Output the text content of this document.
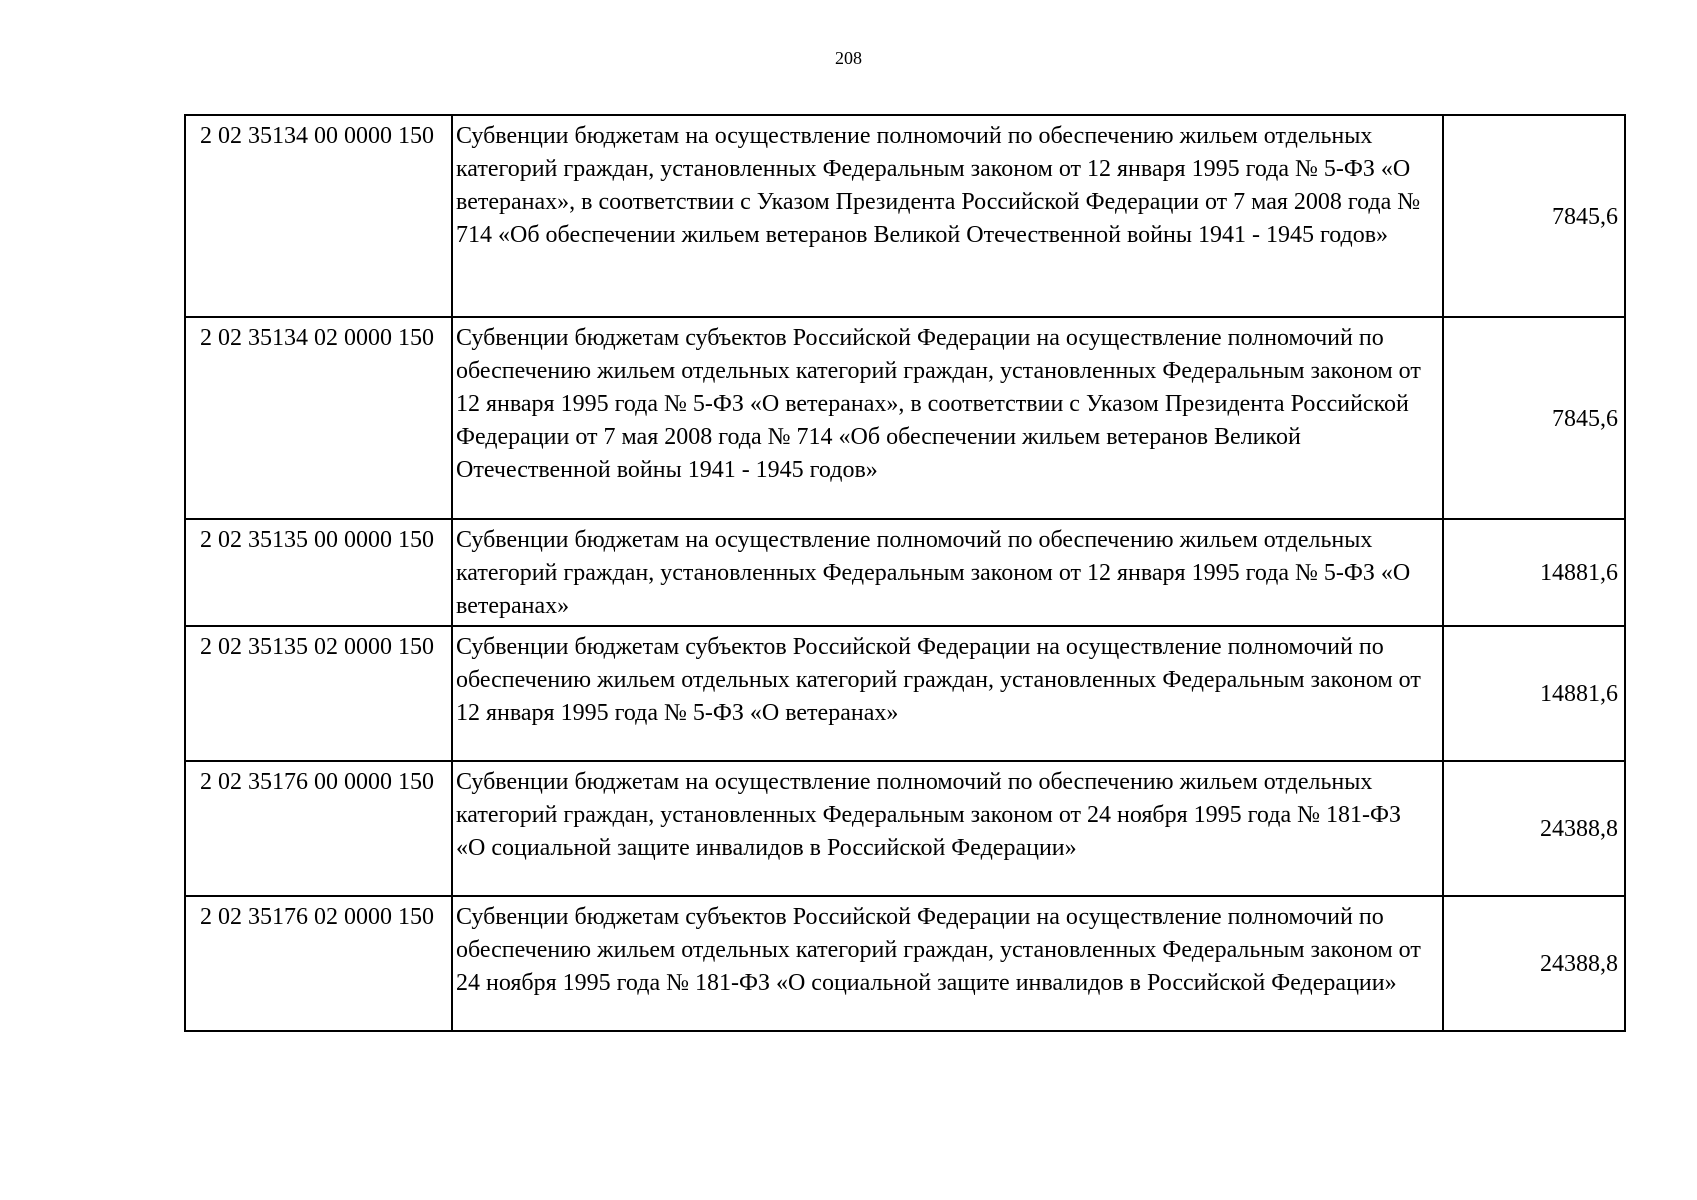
208
2 02 35134 00 0000 150	Субвенции бюджетам на осуществление полномочий по обеспечению жильем отдельных категорий граждан, установленных Федеральным законом от 12 января 1995 года № 5-ФЗ «О ветеранах», в соответствии с Указом Президента Российской Федерации от 7 мая 2008 года № 714 «Об обеспечении жильем ветеранов Великой Отечественной войны 1941 - 1945 годов»	7845,6
2 02 35134 02 0000 150	Субвенции бюджетам субъектов Российской Федерации на осуществление полномочий по обеспечению жильем отдельных категорий граждан, установленных Федеральным законом от 12 января 1995 года № 5-ФЗ «О ветеранах», в соответствии с Указом Президента Российской Федерации от 7 мая 2008 года № 714 «Об обеспечении жильем ветеранов Великой Отечественной войны 1941 - 1945 годов»	7845,6
2 02 35135 00 0000 150	Субвенции бюджетам на осуществление полномочий по обеспечению жильем отдельных категорий граждан, установленных Федеральным законом от 12 января 1995 года № 5-ФЗ «О ветеранах»	14881,6
2 02 35135 02 0000 150	Субвенции бюджетам субъектов Российской Федерации на осуществление полномочий по обеспечению жильем отдельных категорий граждан, установленных Федеральным законом от 12 января 1995 года № 5-ФЗ «О ветеранах»	14881,6
2 02 35176 00 0000 150	Субвенции бюджетам на осуществление полномочий по обеспечению жильем отдельных категорий граждан, установленных Федеральным законом от 24 ноября 1995 года № 181-ФЗ «О социальной защите инвалидов в Российской Федерации»	24388,8
2 02 35176 02 0000 150	Субвенции бюджетам субъектов Российской Федерации на осуществление полномочий по обеспечению жильем отдельных категорий граждан, установленных Федеральным законом от 24 ноября 1995 года № 181-ФЗ «О социальной защите инвалидов в Российской Федерации»	24388,8
